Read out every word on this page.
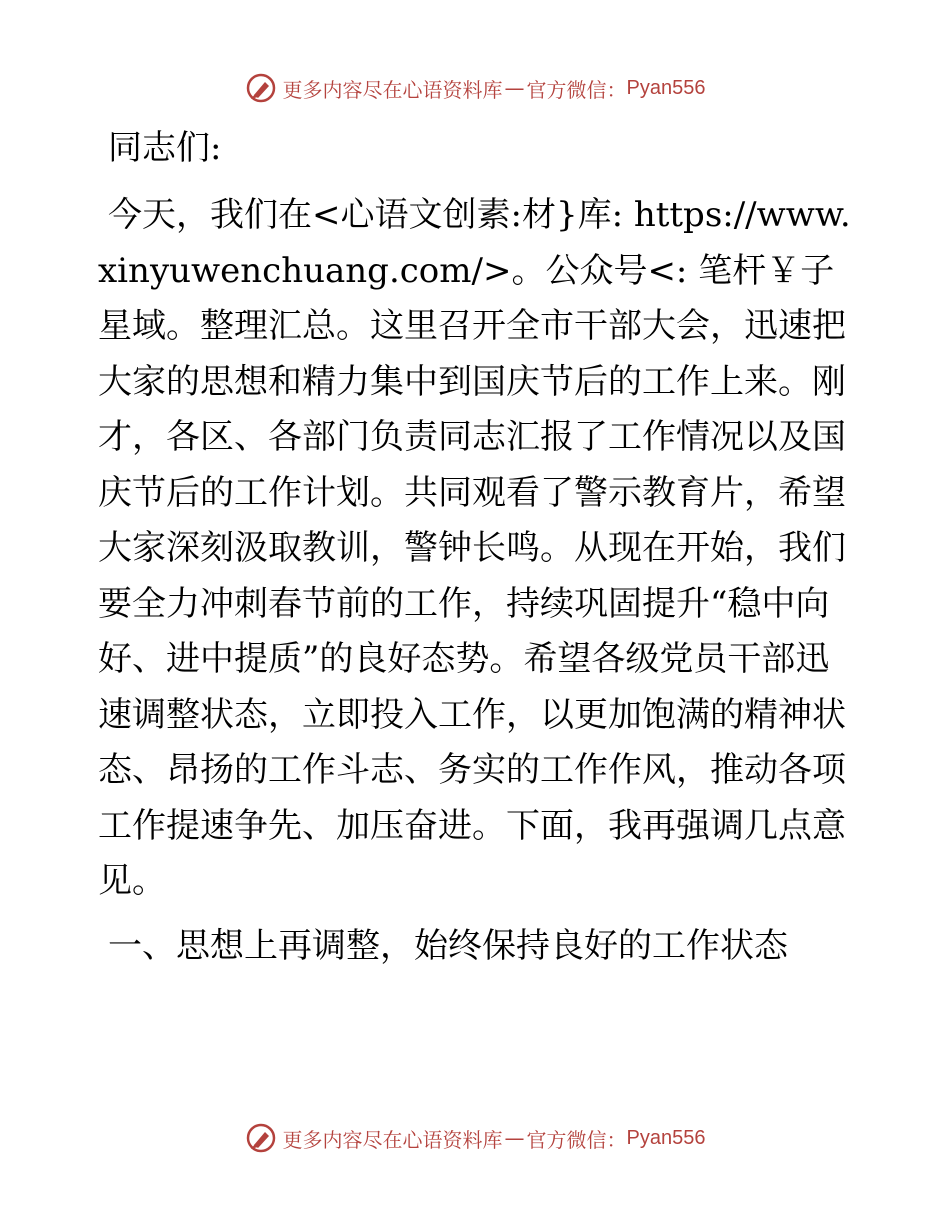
更多内容尽在心语资料库 — 官方微信： Pyan556

同志们:

今天，我们在<心语文创素:材}库: https://www.xinyuwenchuang.com/>。公众号<: 笔杆￥子星域。整理汇总。这里召开全市干部大会，迅速把大家的思想和精力集中到国庆节后的工作上来。刚才，各区、各部门负责同志汇报了工作情况以及国庆节后的工作计划。共同观看了警示教育片，希望大家深刻汲取教训，警钟长鸣。从现在开始，我们要全力冲刺春节前的工作，持续巩固提升“稳中向好、进中提质”的良好态势。希望各级党员干部迅速调整状态，立即投入工作，以更加饱满的精神状态、昂扬的工作斗志、务实的工作作风，推动各项工作提速争先、加压奋进。下面，我再强调几点意见。

一、思想上再调整，始终保持良好的工作状态

更多内容尽在心语资料库 — 官方微信： Pyan556
